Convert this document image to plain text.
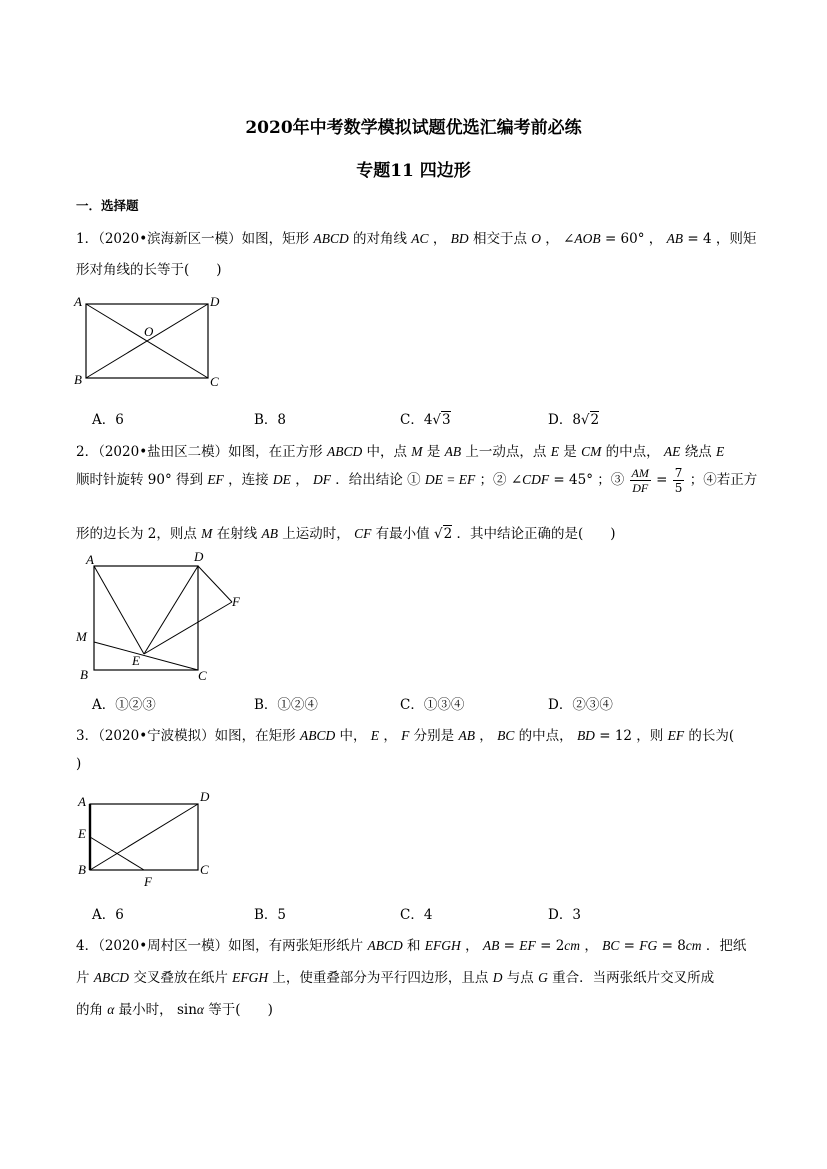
2020年中考数学模拟试题优选汇编考前必练
专题11 四边形
一．选择题
1．（2020•滨海新区一模）如图，矩形 ABCD 的对角线 AC ， BD 相交于点 O ， ∠AOB = 60° ， AB = 4 ，则矩
形对角线的长等于(　　)
A	D
O
B	C
A．6	B．8	C．4√3	D．8√2
2．（2020•盐田区二模）如图，在正方形 ABCD 中，点 M 是 AB 上一动点，点 E 是 CM 的中点， AE 绕点 E
顺时针旋转 90° 得到 EF ，连接 DE ， DF ．给出结论 ① DE = EF ；② ∠CDF = 45° ；③ $\frac{AM}{DF} = \frac{7}{5}$ ；④若正方
形的边长为 2，则点 M 在射线 AB 上运动时， CF 有最小值 √2 ．其中结论正确的是(　　)
A	D
F
M
E
B	C
A．①②③	B．①②④	C．①③④	D．②③④
3．（2020•宁波模拟）如图，在矩形 ABCD 中， E ， F 分别是 AB ， BC 的中点， BD = 12 ，则 EF 的长为(
)
A	D
E
B	C
F
A．6	B．5	C．4	D．3
4．（2020•周村区一模）如图，有两张矩形纸片 ABCD 和 EFGH ， AB = EF = 2cm ， BC = FG = 8cm ．把纸
片 ABCD 交叉叠放在纸片 EFGH 上，使重叠部分为平行四边形，且点 D 与点 G 重合．当两张纸片交叉所成
的角 α 最小时， sinα 等于(　　)
